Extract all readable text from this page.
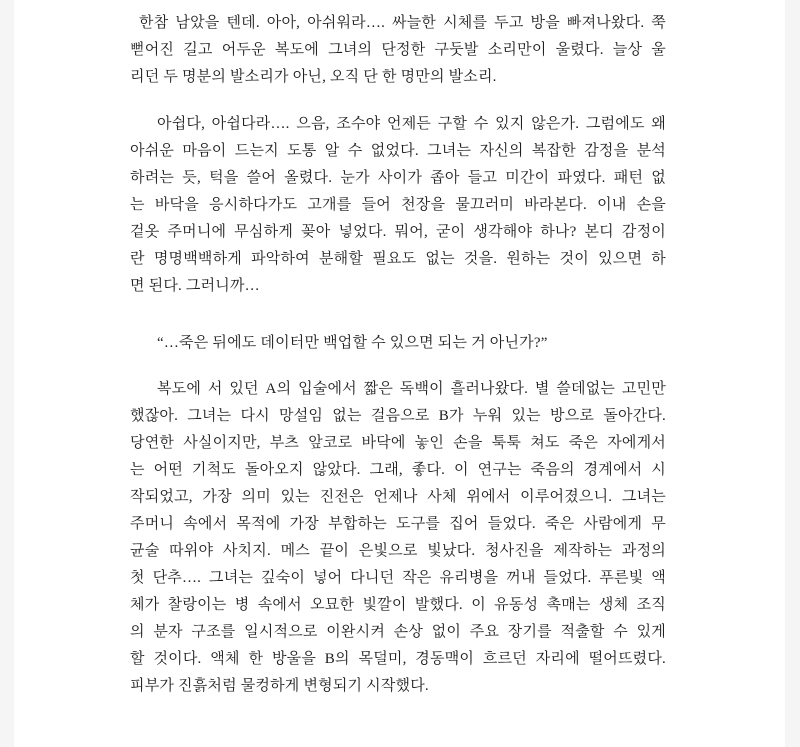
한참 남았을 텐데. 아아, 아쉬워라…. 싸늘한 시체를 두고 방을 빠져나왔다. 쭉
뻗어진 길고 어두운 복도에 그녀의 단정한 구둣발 소리만이 울렸다. 늘상 울
리던 두 명분의 발소리가 아닌, 오직 단 한 명만의 발소리.

아쉽다, 아쉽다라…. 으음, 조수야 언제든 구할 수 있지 않은가. 그럼에도 왜
아쉬운 마음이 드는지 도통 알 수 없었다. 그녀는 자신의 복잡한 감정을 분석
하려는 듯, 턱을 쓸어 올렸다. 눈가 사이가 좁아 들고 미간이 파였다. 패턴 없
는 바닥을 응시하다가도 고개를 들어 천장을 물끄러미 바라본다. 이내 손을
겉옷 주머니에 무심하게 꽂아 넣었다. 뭐어, 굳이 생각해야 하나? 본디 감정이
란 명명백백하게 파악하여 분해할 필요도 없는 것을. 원하는 것이 있으면 하
면 된다. 그러니까…

“…죽은 뒤에도 데이터만 백업할 수 있으면 되는 거 아닌가?”

복도에 서 있던 A의 입술에서 짧은 독백이 흘러나왔다. 별 쓸데없는 고민만
했잖아. 그녀는 다시 망설임 없는 걸음으로 B가 누워 있는 방으로 돌아간다.
당연한 사실이지만, 부츠 앞코로 바닥에 놓인 손을 툭툭 쳐도 죽은 자에게서
는 어떤 기척도 돌아오지 않았다. 그래, 좋다. 이 연구는 죽음의 경계에서 시
작되었고, 가장 의미 있는 진전은 언제나 사체 위에서 이루어졌으니. 그녀는
주머니 속에서 목적에 가장 부합하는 도구를 집어 들었다. 죽은 사람에게 무
균술 따위야 사치지. 메스 끝이 은빛으로 빛났다. 청사진을 제작하는 과정의
첫 단추…. 그녀는 깊숙이 넣어 다니던 작은 유리병을 꺼내 들었다. 푸른빛 액
체가 찰랑이는 병 속에서 오묘한 빛깔이 발했다. 이 유동성 촉매는 생체 조직
의 분자 구조를 일시적으로 이완시켜 손상 없이 주요 장기를 적출할 수 있게
할 것이다. 액체 한 방울을 B의 목덜미, 경동맥이 흐르던 자리에 떨어뜨렸다.
피부가 진흙처럼 물컹하게 변형되기 시작했다.
